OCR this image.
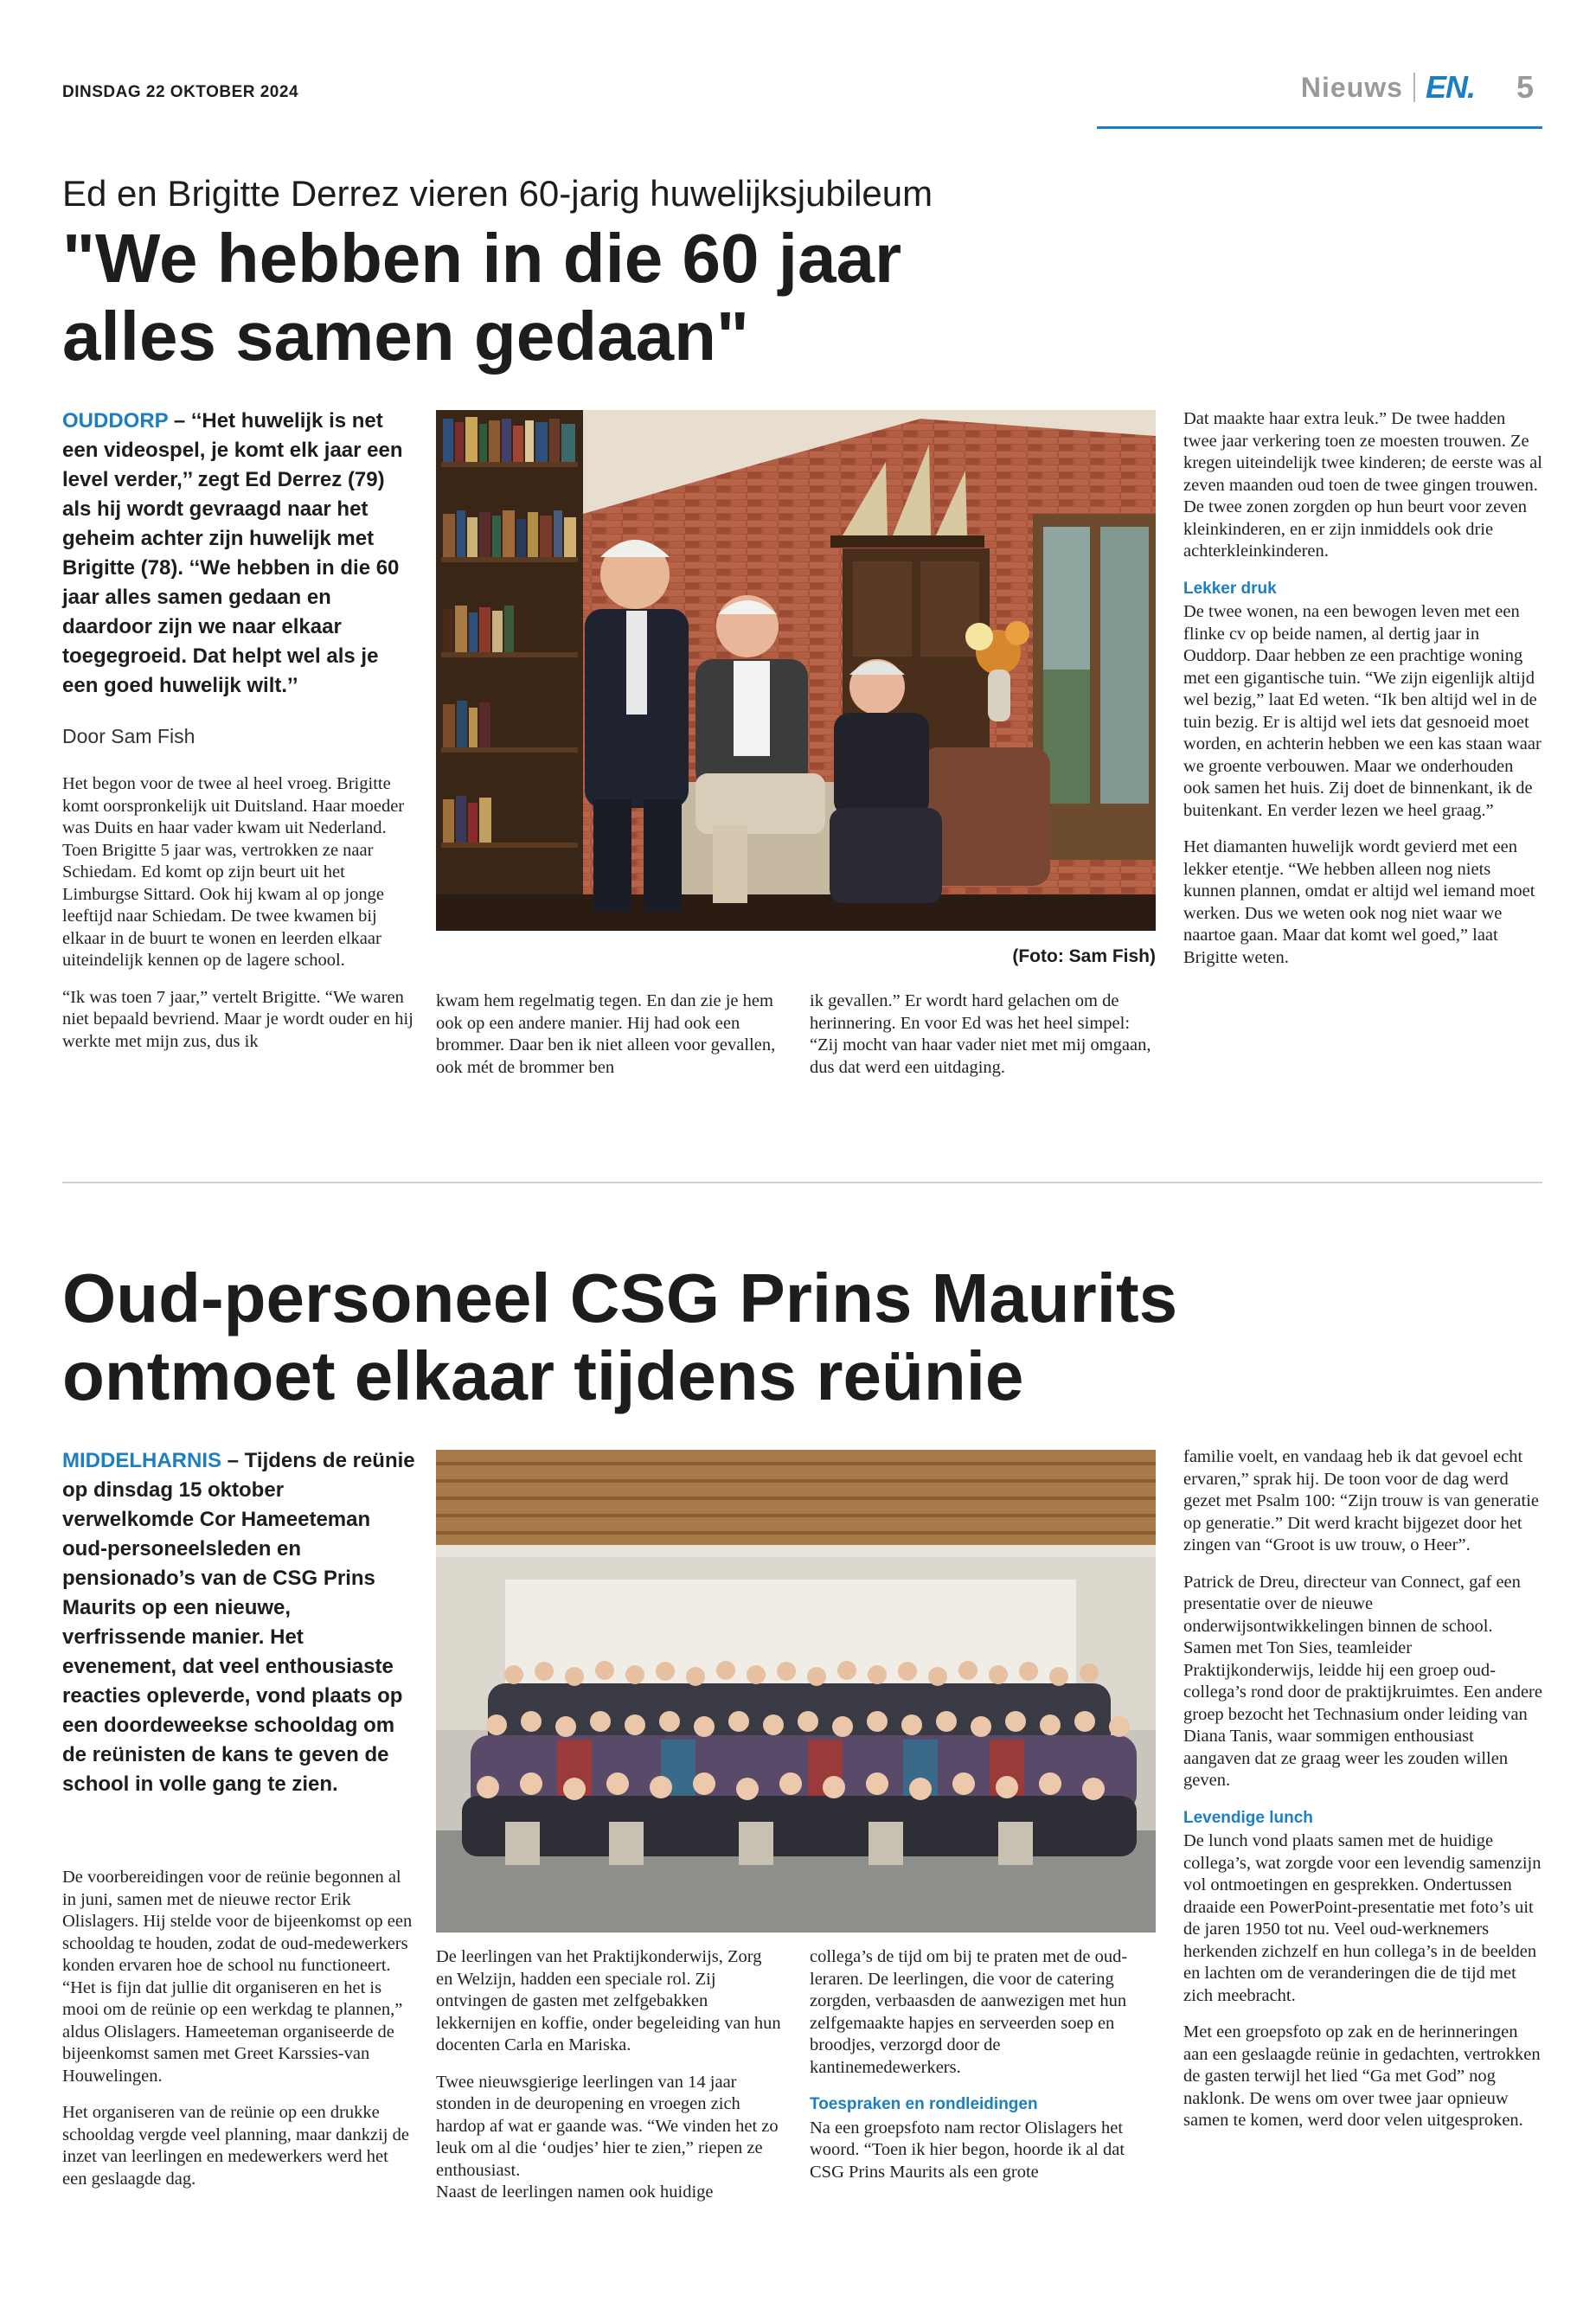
DINSDAG 22 OKTOBER 2024	Nieuws EN. 5
Ed en Brigitte Derrez vieren 60-jarig huwelijksjubileum
"We hebben in die 60 jaar
alles samen gedaan"

OUDDORP – ‘‘Het huwelijk is net een videospel, je komt elk jaar een level verder,’’ zegt Ed Derrez (79) als hij wordt gevraagd naar het geheim achter zijn huwelijk met Brigitte (78). ‘‘We hebben in die 60 jaar alles samen gedaan en daardoor zijn we naar elkaar toegegroeid. Dat helpt wel als je een goed huwelijk wilt.’’

Door Sam Fish

Het begon voor de twee al heel vroeg. Brigitte komt oorspronkelijk uit Duitsland. Haar moeder was Duits en haar vader kwam uit Nederland. Toen Brigitte 5 jaar was, vertrokken ze naar Schiedam. Ed komt op zijn beurt uit het Limburgse Sittard. Ook hij kwam al op jonge leeftijd naar Schiedam. De twee kwamen bij elkaar in de buurt te wonen en leerden elkaar uiteindelijk kennen op de lagere school.

“Ik was toen 7 jaar,” vertelt Brigitte. “We waren niet bepaald bevriend. Maar je wordt ouder en hij werkte met mijn zus, dus ik

(Foto: Sam Fish)

kwam hem regelmatig tegen. En dan zie je hem ook op een andere manier. Hij had ook een brommer. Daar ben ik niet alleen voor gevallen, ook mét de brommer ben

ik gevallen.” Er wordt hard gelachen om de herinnering. En voor Ed was het heel simpel: “Zij mocht van haar vader niet met mij omgaan, dus dat werd een uitdaging.

Dat maakte haar extra leuk.” De twee hadden twee jaar verkering toen ze moesten trouwen. Ze kregen uiteindelijk twee kinderen; de eerste was al zeven maanden oud toen de twee gingen trouwen. De twee zonen zorgden op hun beurt voor zeven kleinkinderen, en er zijn inmiddels ook drie achterkleinkinderen.

Lekker druk

De twee wonen, na een bewogen leven met een flinke cv op beide namen, al dertig jaar in Ouddorp. Daar hebben ze een prachtige woning met een gigantische tuin. “We zijn eigenlijk altijd wel bezig,” laat Ed weten. “Ik ben altijd wel in de tuin bezig. Er is altijd wel iets dat gesnoeid moet worden, en achterin hebben we een kas staan waar we groente verbouwen. Maar we onderhouden ook samen het huis. Zij doet de binnenkant, ik de buitenkant. En verder lezen we heel graag.”

Het diamanten huwelijk wordt gevierd met een lekker etentje. “We hebben alleen nog niets kunnen plannen, omdat er altijd wel iemand moet werken. Dus we weten ook nog niet waar we naartoe gaan. Maar dat komt wel goed,” laat Brigitte weten.

Oud-personeel CSG Prins Maurits
ontmoet elkaar tijdens reünie

MIDDELHARNIS – Tijdens de reünie op dinsdag 15 oktober verwelkomde Cor Hameeteman oud-personeelsleden en pensionado’s van de CSG Prins Maurits op een nieuwe, verfrissende manier. Het evenement, dat veel enthousiaste reacties opleverde, vond plaats op een doordeweekse schooldag om de reünisten de kans te geven de school in volle gang te zien.

De voorbereidingen voor de reünie begonnen al in juni, samen met de nieuwe rector Erik Olislagers. Hij stelde voor de bijeenkomst op een schooldag te houden, zodat de oud-medewerkers konden ervaren hoe de school nu functioneert. “Het is fijn dat jullie dit organiseren en het is mooi om de reünie op een werkdag te plannen,” aldus Olislagers. Hameeteman organiseerde de bijeenkomst samen met Greet Karssies-van Houwelingen.

Het organiseren van de reünie op een drukke schooldag vergde veel planning, maar dankzij de inzet van leerlingen en medewerkers werd het een geslaagde dag.

De leerlingen van het Praktijkonderwijs, Zorg en Welzijn, hadden een speciale rol. Zij ontvingen de gasten met zelfgebakken lekkernijen en koffie, onder begeleiding van hun docenten Carla en Mariska.

Twee nieuwsgierige leerlingen van 14 jaar stonden in de deuropening en vroegen zich hardop af wat er gaande was. “We vinden het zo leuk om al die ‘oudjes’ hier te zien,” riepen ze enthousiast.

Naast de leerlingen namen ook huidige

collega’s de tijd om bij te praten met de oud-leraren. De leerlingen, die voor de catering zorgden, verbaasden de aanwezigen met hun zelfgemaakte hapjes en serveerden soep en broodjes, verzorgd door de kantinemedewerkers.

Toespraken en rondleidingen

Na een groepsfoto nam rector Olislagers het woord. “Toen ik hier begon, hoorde ik al dat CSG Prins Maurits als een grote

familie voelt, en vandaag heb ik dat gevoel echt ervaren,” sprak hij. De toon voor de dag werd gezet met Psalm 100: “Zijn trouw is van generatie op generatie.” Dit werd kracht bijgezet door het zingen van “Groot is uw trouw, o Heer”.

Patrick de Dreu, directeur van Connect, gaf een presentatie over de nieuwe onderwijsontwikkelingen binnen de school. Samen met Ton Sies, teamleider Praktijkonderwijs, leidde hij een groep oud-collega’s rond door de praktijkruimtes. Een andere groep bezocht het Technasium onder leiding van Diana Tanis, waar sommigen enthousiast aangaven dat ze graag weer les zouden willen geven.

Levendige lunch

De lunch vond plaats samen met de huidige collega’s, wat zorgde voor een levendig samenzijn vol ontmoetingen en gesprekken. Ondertussen draaide een PowerPoint-presentatie met foto’s uit de jaren 1950 tot nu. Veel oud-werknemers herkenden zichzelf en hun collega’s in de beelden en lachten om de veranderingen die de tijd met zich meebracht.

Met een groepsfoto op zak en de herinneringen aan een geslaagde reünie in gedachten, vertrokken de gasten terwijl het lied “Ga met God” nog naklonk. De wens om over twee jaar opnieuw samen te komen, werd door velen uitgesproken.
